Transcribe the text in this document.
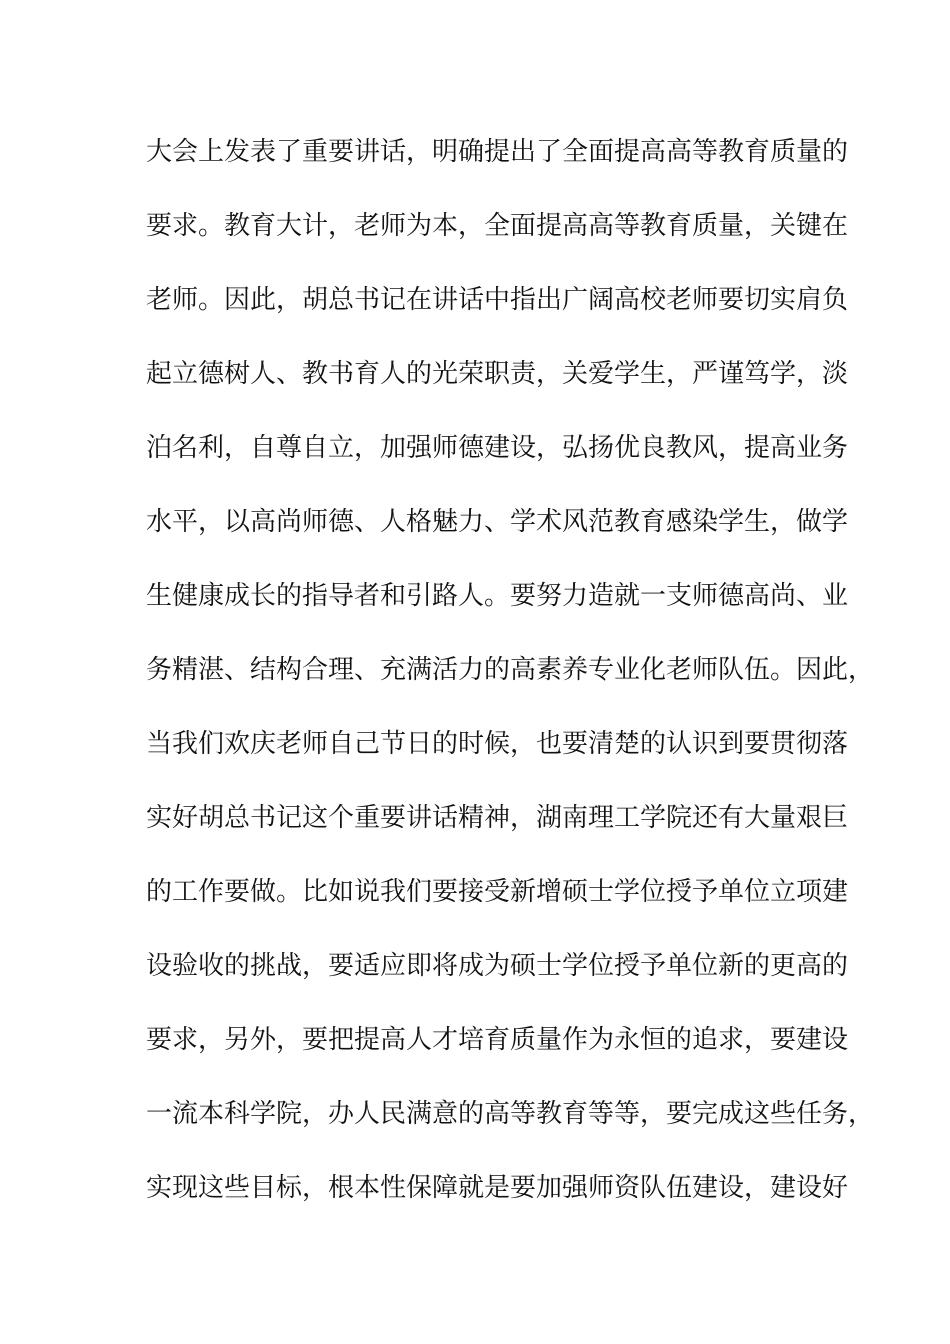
大会上发表了重要讲话，明确提出了全面提高高等教育质量的
要求。教育大计，老师为本，全面提高高等教育质量，关键在
老师。因此，胡总书记在讲话中指出广阔高校老师要切实肩负
起立德树人、教书育人的光荣职责，关爱学生，严谨笃学，淡
泊名利，自尊自立，加强师德建设，弘扬优良教风，提高业务
水平，以高尚师德、人格魅力、学术风范教育感染学生，做学
生健康成长的指导者和引路人。要努力造就一支师德高尚、业
务精湛、结构合理、充满活力的高素养专业化老师队伍。因此，
当我们欢庆老师自己节日的时候，也要清楚的认识到要贯彻落
实好胡总书记这个重要讲话精神，湖南理工学院还有大量艰巨
的工作要做。比如说我们要接受新增硕士学位授予单位立项建
设验收的挑战，要适应即将成为硕士学位授予单位新的更高的
要求，另外，要把提高人才培育质量作为永恒的追求，要建设
一流本科学院，办人民满意的高等教育等等，要完成这些任务，
实现这些目标，根本性保障就是要加强师资队伍建设，建设好
